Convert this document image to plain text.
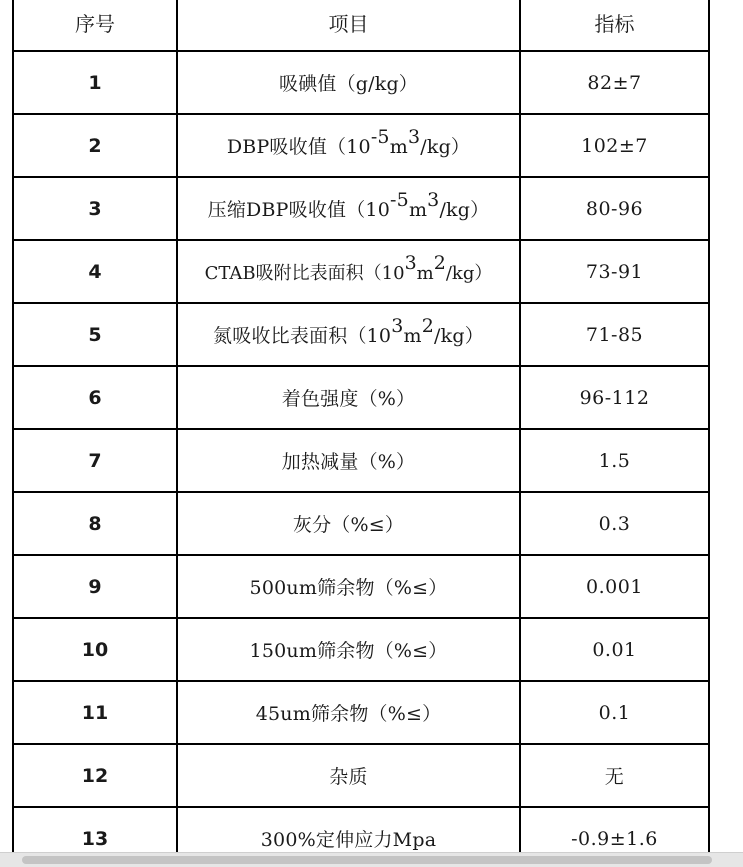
序号	项目	指标
1	吸碘值（g/kg）	82±7
2	DBP吸收值$(10^{-5}m^3/kg)$	102±7
3	压缩DBP吸收值$(10^{-5}m^3/kg)$	80-96
4	CTAB吸附比表面积$(10^3m^2/kg)$	73-91
5	氮吸收比表面积$(10^3m^2/kg)$	71-85
6	着色强度（%）	96-112
7	加热减量（%）	1.5
8	灰分（%≤）	0.3
9	500um筛余物（%≤）	0.001
10	150um筛余物（%≤）	0.01
11	45um筛余物（%≤）	0.1
12	杂质	无
13	300%定伸应力Mpa	-0.9±1.6
